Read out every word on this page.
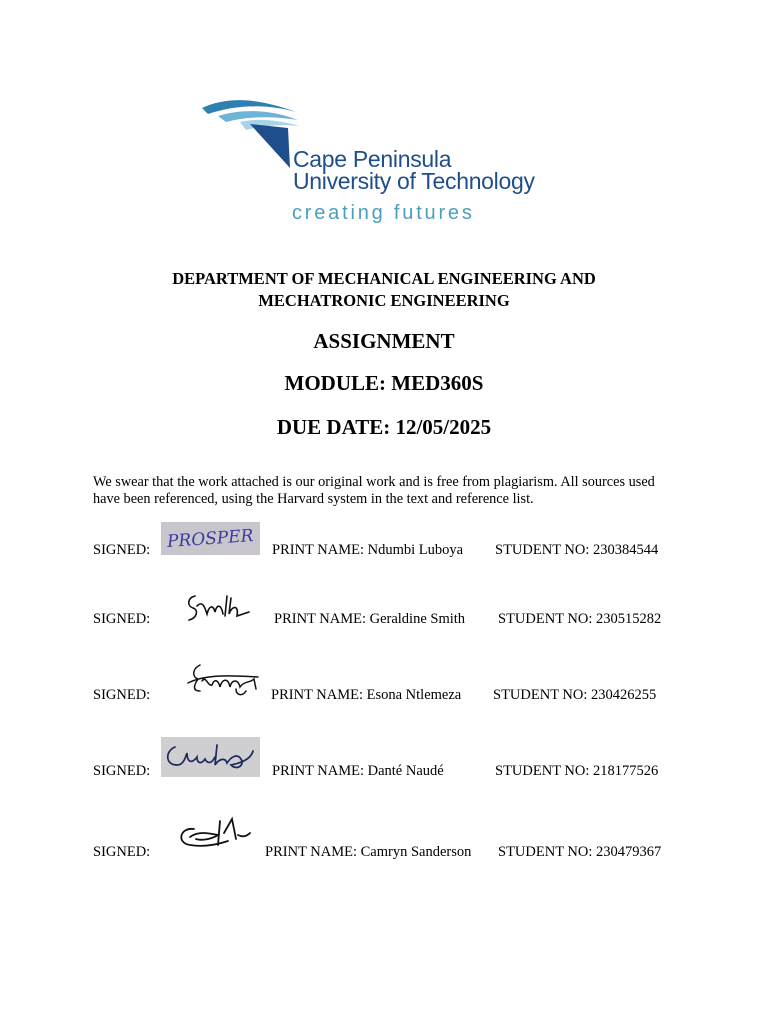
Cape Peninsula
University of Technology
creating futures
DEPARTMENT OF MECHANICAL ENGINEERING AND
MECHATRONIC ENGINEERING
ASSIGNMENT
MODULE: MED360S
DUE DATE: 12/05/2025
We swear that the work attached is our original work and is free from plagiarism. All sources used have been referenced, using the Harvard system in the text and reference list.
PROSPER
SIGNED:	PRINT NAME: Ndumbi Luboya STUDENT NO: 230384544
SIGNED:	PRINT NAME: Geraldine Smith STUDENT NO: 230515282
SIGNED:	PRINT NAME: Esona Ntlemeza STUDENT NO: 230426255
SIGNED:	PRINT NAME: Danté Naudé	STUDENT NO: 218177526
SIGNED:	PRINT NAME: Camryn Sanderson STUDENT NO: 230479367
